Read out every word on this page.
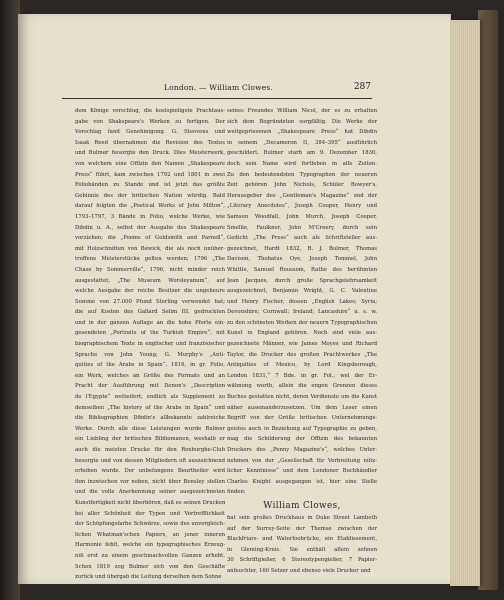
London. — William Clowes.	287
dem Könige vorschlug, die kostspieligste Prachtaus-
gabe von Shakspeare's Werken zu fertigen. Der
Vorschlag fand Genehmigung. G. Steevens und
Isaak Reed übernahmen die Revision des Textes
und Bulmer besorgte den Druck. Dies Meisterwerk,
von welchem eine Offizin den Namen „Shakespeare
Press“ führt, kam zwischen 1792 und 1801 in zwei
Foliobänden zu Stande und ist jetzt das größte
Gebinnis des der britischen Nation würdig. Bald
darauf folgten die „Poetical Works of John Milton“,
1793–1797, 3 Bände in Folio, welche Werke, wie
Dibdin u. A., selbst der Ausgabe des Shakespeare
vorziehen; die „Poems of Goldsmith and Parnell“,
mit Holzschnitten von Bewick, die als noch unüber-
troffene Meisterstücke gelten werden; 1796 „The
Chase by Sommerville“, 1796, nicht minder reich
ausgestattet, „The Museum Worsleyanum“, auf
welche Ausgabe der reiche Besitzer die ungeheure
Summe von 27.000 Pfund Sterling verwendet hat;
die auf Kosten des Gallard Selim III. gedruckten
und in der ganzen Auflage an die hohe Pforte ein-
gesendeten „Portraits of the Turkish Empire“, mit
biographischem Texte in englischer und französischer
Sprache von John Young; G. Murphy's „Anti-
quities of the Arabs in Spain“, 1816, in gr. Folio,
ein Werk, welches an Größe des Formats und an
Pracht der Ausführung mit Denon's „Description
de l'Egypte“ wetteifert; endlich als Supplement zu
demselben „The history of the Arabs in Spain“ und
die Bibliographien Dibdin's allbekannte zahlreiche
Werke. Durch alle diese Leistungen wurde Bulmer
ein Liebling der britischen Bibliomanen, weshalb er
auch die meisten Drucke für den Roxburghe-Club
besorgte und von dessen Mitgliedern oft auszeichnend
erhoben wurde. Der unbefangene Beurtheiler wird
ihm inzwischen vor neben, nicht über Bensley stellen
und die volle Anerkennung seiner ausgezeichneten
Kunstfertigkeit nicht überhören, daß es seinen Drucken
bei aller Schönheit der Typen und Vortrefflichkeit
der Schöpfungsfarbe Schwärze, sowie des unvergleich-
lichen Whatman'schen Papiers, an jener inneren
Harmonie fehlt, welche ein typographisches Erzeug-
niß erst zu einem geschmackvollen Ganzen erhebt.
Schon 1819 zog Bulmer sich von den Geschäfte
zurück und übergab die Leitung derselben dem Sohne
seines Freundes William Nicol, der es zu erhalten
sich dem Begründeten sorgfältig. Die Werke der
weitgepriesenen „Shakespeare Press“ hat Dibdin
in seinem „Decameron II, 384–395“ ausführlich
geschildert. Bulmer starb am 9. Dezember 1830,
doch sein Name wird fortleben in alle Zeiten.
Zu den bedeutendsten Typographen der neueren
Zeit gehören John Nichols, Schüler Bowyer's,
Herausgeber des „Gentleman's Magazine“ und der
„Literary Anecdotes“, Joseph Cooper, Henry und
Samson Woodfall, John Murch, Joseph Cooper,
Smellie, Faulkner, John M'Creery, durch sein
Gedicht „The Press“ auch als Schriftsteller aus-
gezeichnet, Hardt 1832, R. J. Bulmer, Thomas
Davison, Thobatus Oye, Joseph Tommel, John
Whittle, Samuel Roussom, Rathe des berühmten
Jean Jacques, durch große Sprachgelehrsamkeit
ausgezeichnet, Benjamin Wright, G. C. Valentine
und Henry Fischer, dessen „English Lakes; Syria;
Devonshire; Cornwall; Ireland; Lancashire“ u. s. w.
zu den schönsten Werken der neuern Typographischen
Kunst in England gehören. Noch sind viele aus-
gezeichnete Männer, wie James Moyes und Richard
Taylor, die Drucker des großen Prachtwerkes „The
Antiquities of Mexico, by Lord Kingsborough,
London 1831,“ 7 Bde. in gr. Fol., wel der Er-
wähnung werth, allein die engen Grenzen dieses
Buches gestatten nicht, deren Verdienste um die Kunst
näher auseinanderzusetzen. Um dem Leser einen
Begriff von der Größe britischen Unternehmungs-
geistes auch in Beziehung auf Typographie zu geben,
mag die Schilderung der Offizin des bekannten
Druckers des „Penny Magazine's“, welches Unter-
nehmen von der „Gesellschaft für Verbreitung nütz-
licher Kenntnisse“ und dem Londoner Buchhändler
Charles Knight ausgegangen ist, hier eine Stelle
finden:
William Clowes,
hat sein großes Druckhaus in Duke Street Lambeth
auf der Surrey-Seite der Themse zwischen der
Blackfriars- und Waterloobrücke, ein Etablissement,
in Gleming-Kreis. Sie enthält allein zehnen
30 Schriftgießer, 6 Stereotypengießer, 7 Papier-
anfeuchter, 160 Setzer und ebenso viele Drucker und
